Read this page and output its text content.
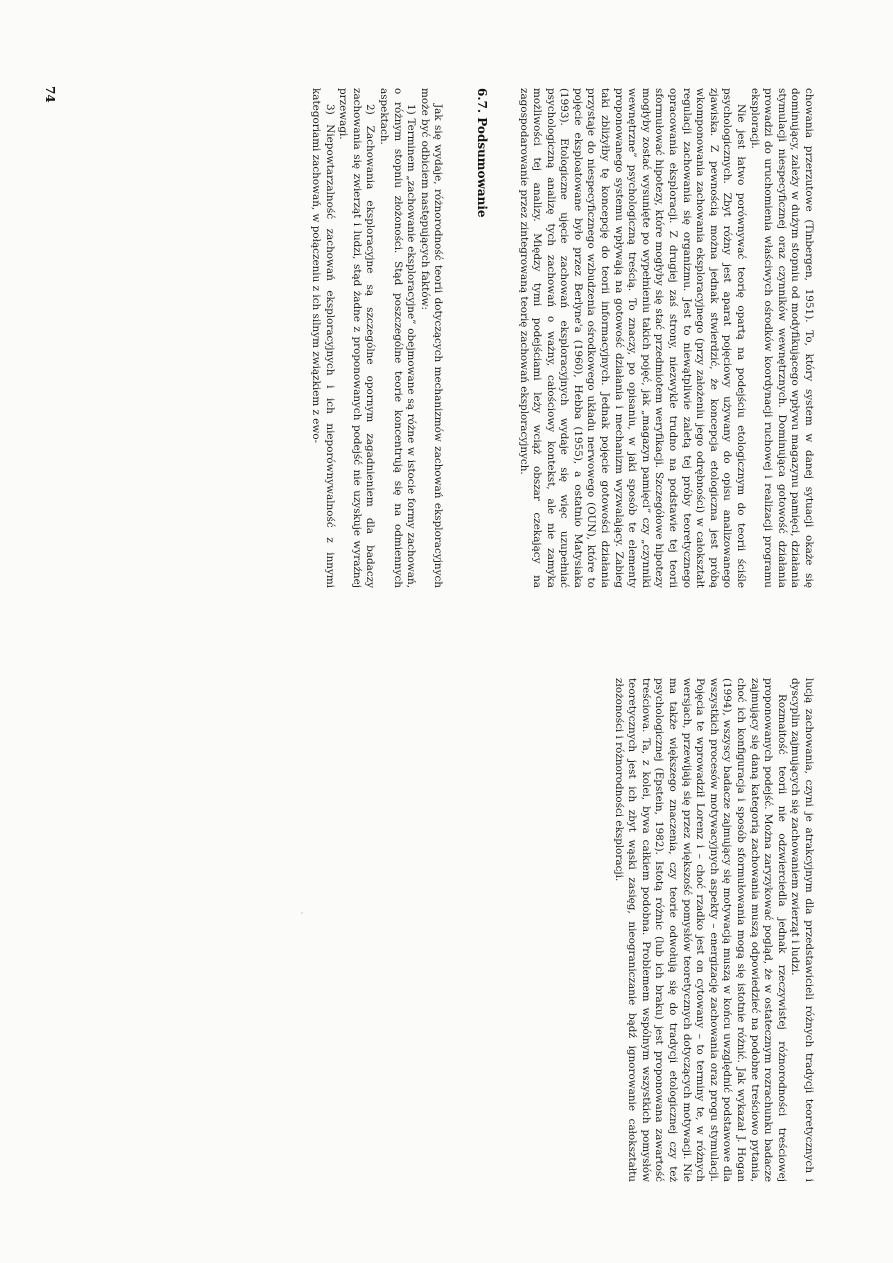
chowania przerzutowe (Tinbergen, 1951). To, który system w danej sytuacji okaże się dominujący, zależy w dużym stopniu od modyfikującego wpływu magazynu pamięci, działania stymulacji niespecyficznej oraz czynników wewnętrznych. Dominująca gotowość działania prowadzi do uruchomienia właściwych ośrodków koordynacji ruchowej i realizacji programu eksploracji.

Nie jest łatwo porównywać teorię opartą na podejściu etologicznym do teorii ściśle psychologicznych. Zbyt różny jest aparat pojęciowy używany do opisu analizowanego zjawiska. Z pewnością można jednak stwierdzić, że koncepcja etologiczna jest próbą wkomponowania zachowania eksploracyjnego (przy założeniu jego odrębności) w całokształt regulacji zachowania się organizmu. Jest to niewątpliwie zaletą tej próby teoretycznego opracowania eksploracji. Z drugiej zaś strony, niezwykle trudno na podstawie tej teorii sformułować hipotezy, które mogłyby się stać przedmiotem weryfikacji. Szczegółowe hipotezy mogłyby zostać wysunięte po wypełnieniu takich pojęć, jak „magazyn pamięci” czy „czynniki wewnętrzne” psychologiczną treścią. To znaczy, po opisaniu, w jaki sposób te elementy proponowanego systemu wpływają na gotowość działania i mechanizm wyzwalający. Zabieg taki zbliżyłby tę koncepcję do teorii informacyjnych. Jednak pojęcie gotowości działania przystaje do niespecyficznego wzbudzenia ośrodkowego układu nerwowego (OUN), które to pojęcie eksploatowane było przez Berlyne'a (1960), Hebba (1955), a ostatnio Matysiaka (1993). Etologiczne ujęcie zachowań eksploracyjnych wydaje się więc uzupełniać psychologiczną analizę tych zachowań o ważny, całościowy kontekst, ale nie zamyka możliwości tej analizy. Między tymi podejściami leży wciąż obszar czekający na zagospodarowanie przez zintegrowaną teorię zachowań eksploracyjnych.

6.7. Podsumowanie

Jak się wydaje, różnorodność teorii dotyczących mechanizmów zachowań eksploracyjnych może być odbiciem następujących faktów:

1) Terminem „zachowanie eksploracyjne” obejmowane są różne w istocie formy zachowań, o różnym stopniu złożoności. Stąd poszczególne teorie koncentrują się na odmiennych aspektach.

2) Zachowania eksploracyjne są szczególne opornym zagadnieniem dla badaczy zachowania się zwierząt i ludzi, stąd żadne z proponowanych podejść nie uzyskuje wyraźnej przewagi.

3) Niepowtarzalność zachowań eksploracyjnych i ich nieporównywalność z innymi kategoriami zachowań, w połączeniu z ich silnym związkiem z ewo-

74

lucją zachowania, czyni je atrakcyjnym dla przedstawicieli różnych tradycji teoretycznych i dyscyplin zajmujących się zachowaniem zwierząt i ludzi.

Rozmaitość teorii nie odzwierciedla jednak rzeczywistej różnorodności treściowej proponowanych podejść. Można zaryzykować pogląd, że w ostatecznym rozrachunku badacze zajmujący się daną kategorią zachowania muszą odpowiedzieć na podobne treściowo pytania, choć ich konfiguracja i sposób sformułowania mogą się istotnie różnić. Jak wykazał J. Hogan (1994), wszyscy badacze zajmujący się motywacją muszą w końcu uwzględnić podstawowe dla wszystkich procesów motywacyjnych aspekty – energizację zachowania oraz progu stymulacji. Pojęcia te wprowadził Lorenz i – choć rzadko jest on cytowany – to terminy te, w różnych wersjach, przewijają się przez większość pomysłów teoretycznych dotyczących motywacji. Nie ma także większego znaczenia, czy teorie odwołują się do tradycji etologicznej czy też psychologicznej (Epstein, 1982). Istotą różnic (lub ich braku) jest proponowana zawartość treściowa. Ta, z kolei, bywa całkiem podobna. Problemem wspólnym wszystkich pomysłów teoretycznych jest ich zbyt wąski zasięg, nieograniczanie bądź ignorowanie całokształtu złożoności i różnorodności eksploracji.
